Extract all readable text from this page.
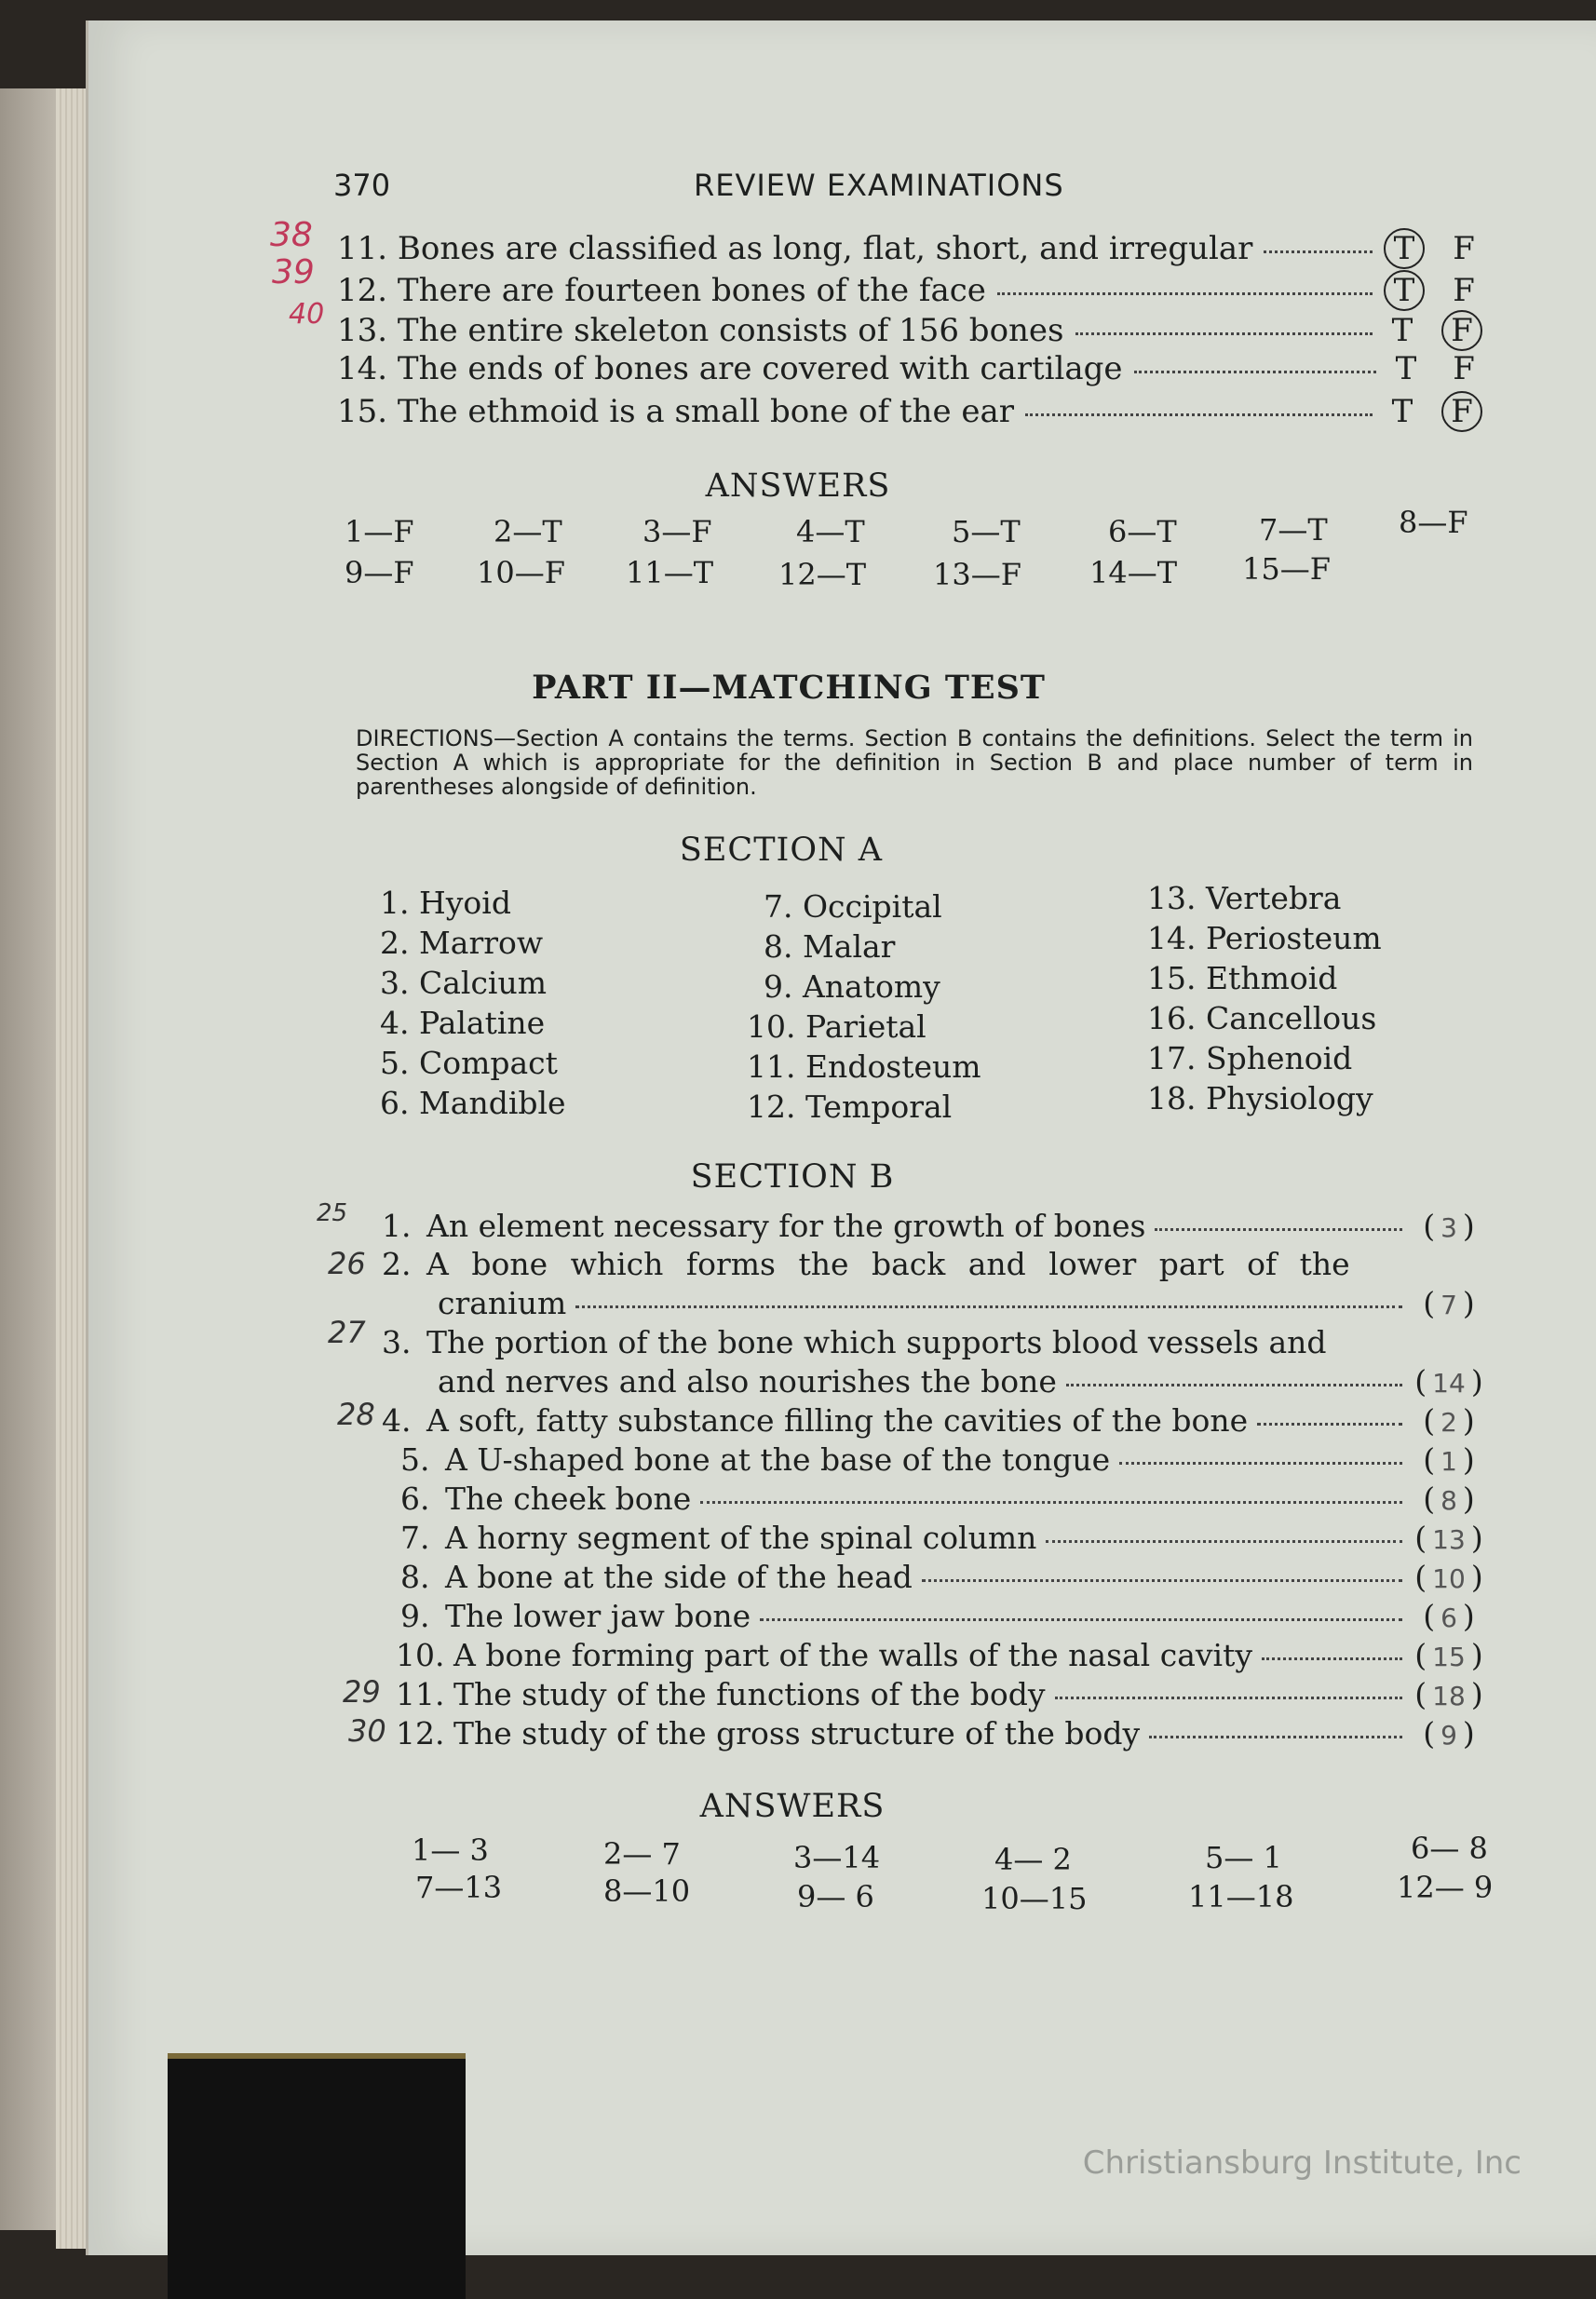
370	REVIEW EXAMINATIONS
11.
Bones are classified as long, flat, short, and irregular	T	F
12.
There are fourteen bones of the face	T	F
13.
The entire skeleton consists of 156 bones	T	F
14.
The ends of bones are covered with cartilage	T F
15.
The ethmoid is a small bone of the ear	T	F
ANSWERS
1—F	2—T	3—F	4—T	5—T	6—T	7—T 8—F
9—F 10—F 11—T 12—T 13—F 14—T 15—F
PART II—MATCHING TEST
DIRECTIONS—Section A contains the terms. Section B contains the definitions. Select the term in Section A which is appropriate for the definition in Section B and place number of term in parentheses alongside of definition.
SECTION A
1. Hyoid
2. Marrow
3. Calcium
4. Palatine
5. Compact
6. Mandible
7. Occipital
8. Malar
9. Anatomy
10. Parietal
11. Endosteum
12. Temporal
13. Vertebra
14. Periosteum
15. Ethmoid
16. Cancellous
17. Sphenoid
18. Physiology
SECTION B
1. An element necessary for the growth of bones	( 3 )
2. A bone which forms the back and lower part of the
cranium	( 7 )
3. The portion of the bone which supports blood vessels and
and nerves and also nourishes the bone	( 14 )
4. A soft, fatty substance filling the cavities of the bone	( 2 )
5. A U-shaped bone at the base of the tongue	( 1 )
6. The cheek bone	( 8 )
7. A horny segment of the spinal column	( 13 )
8. A bone at the side of the head	( 10 )
9. The lower jaw bone	( 6 )
10. A bone forming part of the walls of the nasal cavity	( 15 )
11. The study of the functions of the body	( 18 )
12. The study of the gross structure of the body	( 9 )
ANSWERS
1— 3	2— 7	3—14	4— 2	5— 1	6— 8
7—13	8—10	9— 6	10—15	11—18	12— 9
38
39
40
25
26
27
28
29
30
Christiansburg Institute, Inc
